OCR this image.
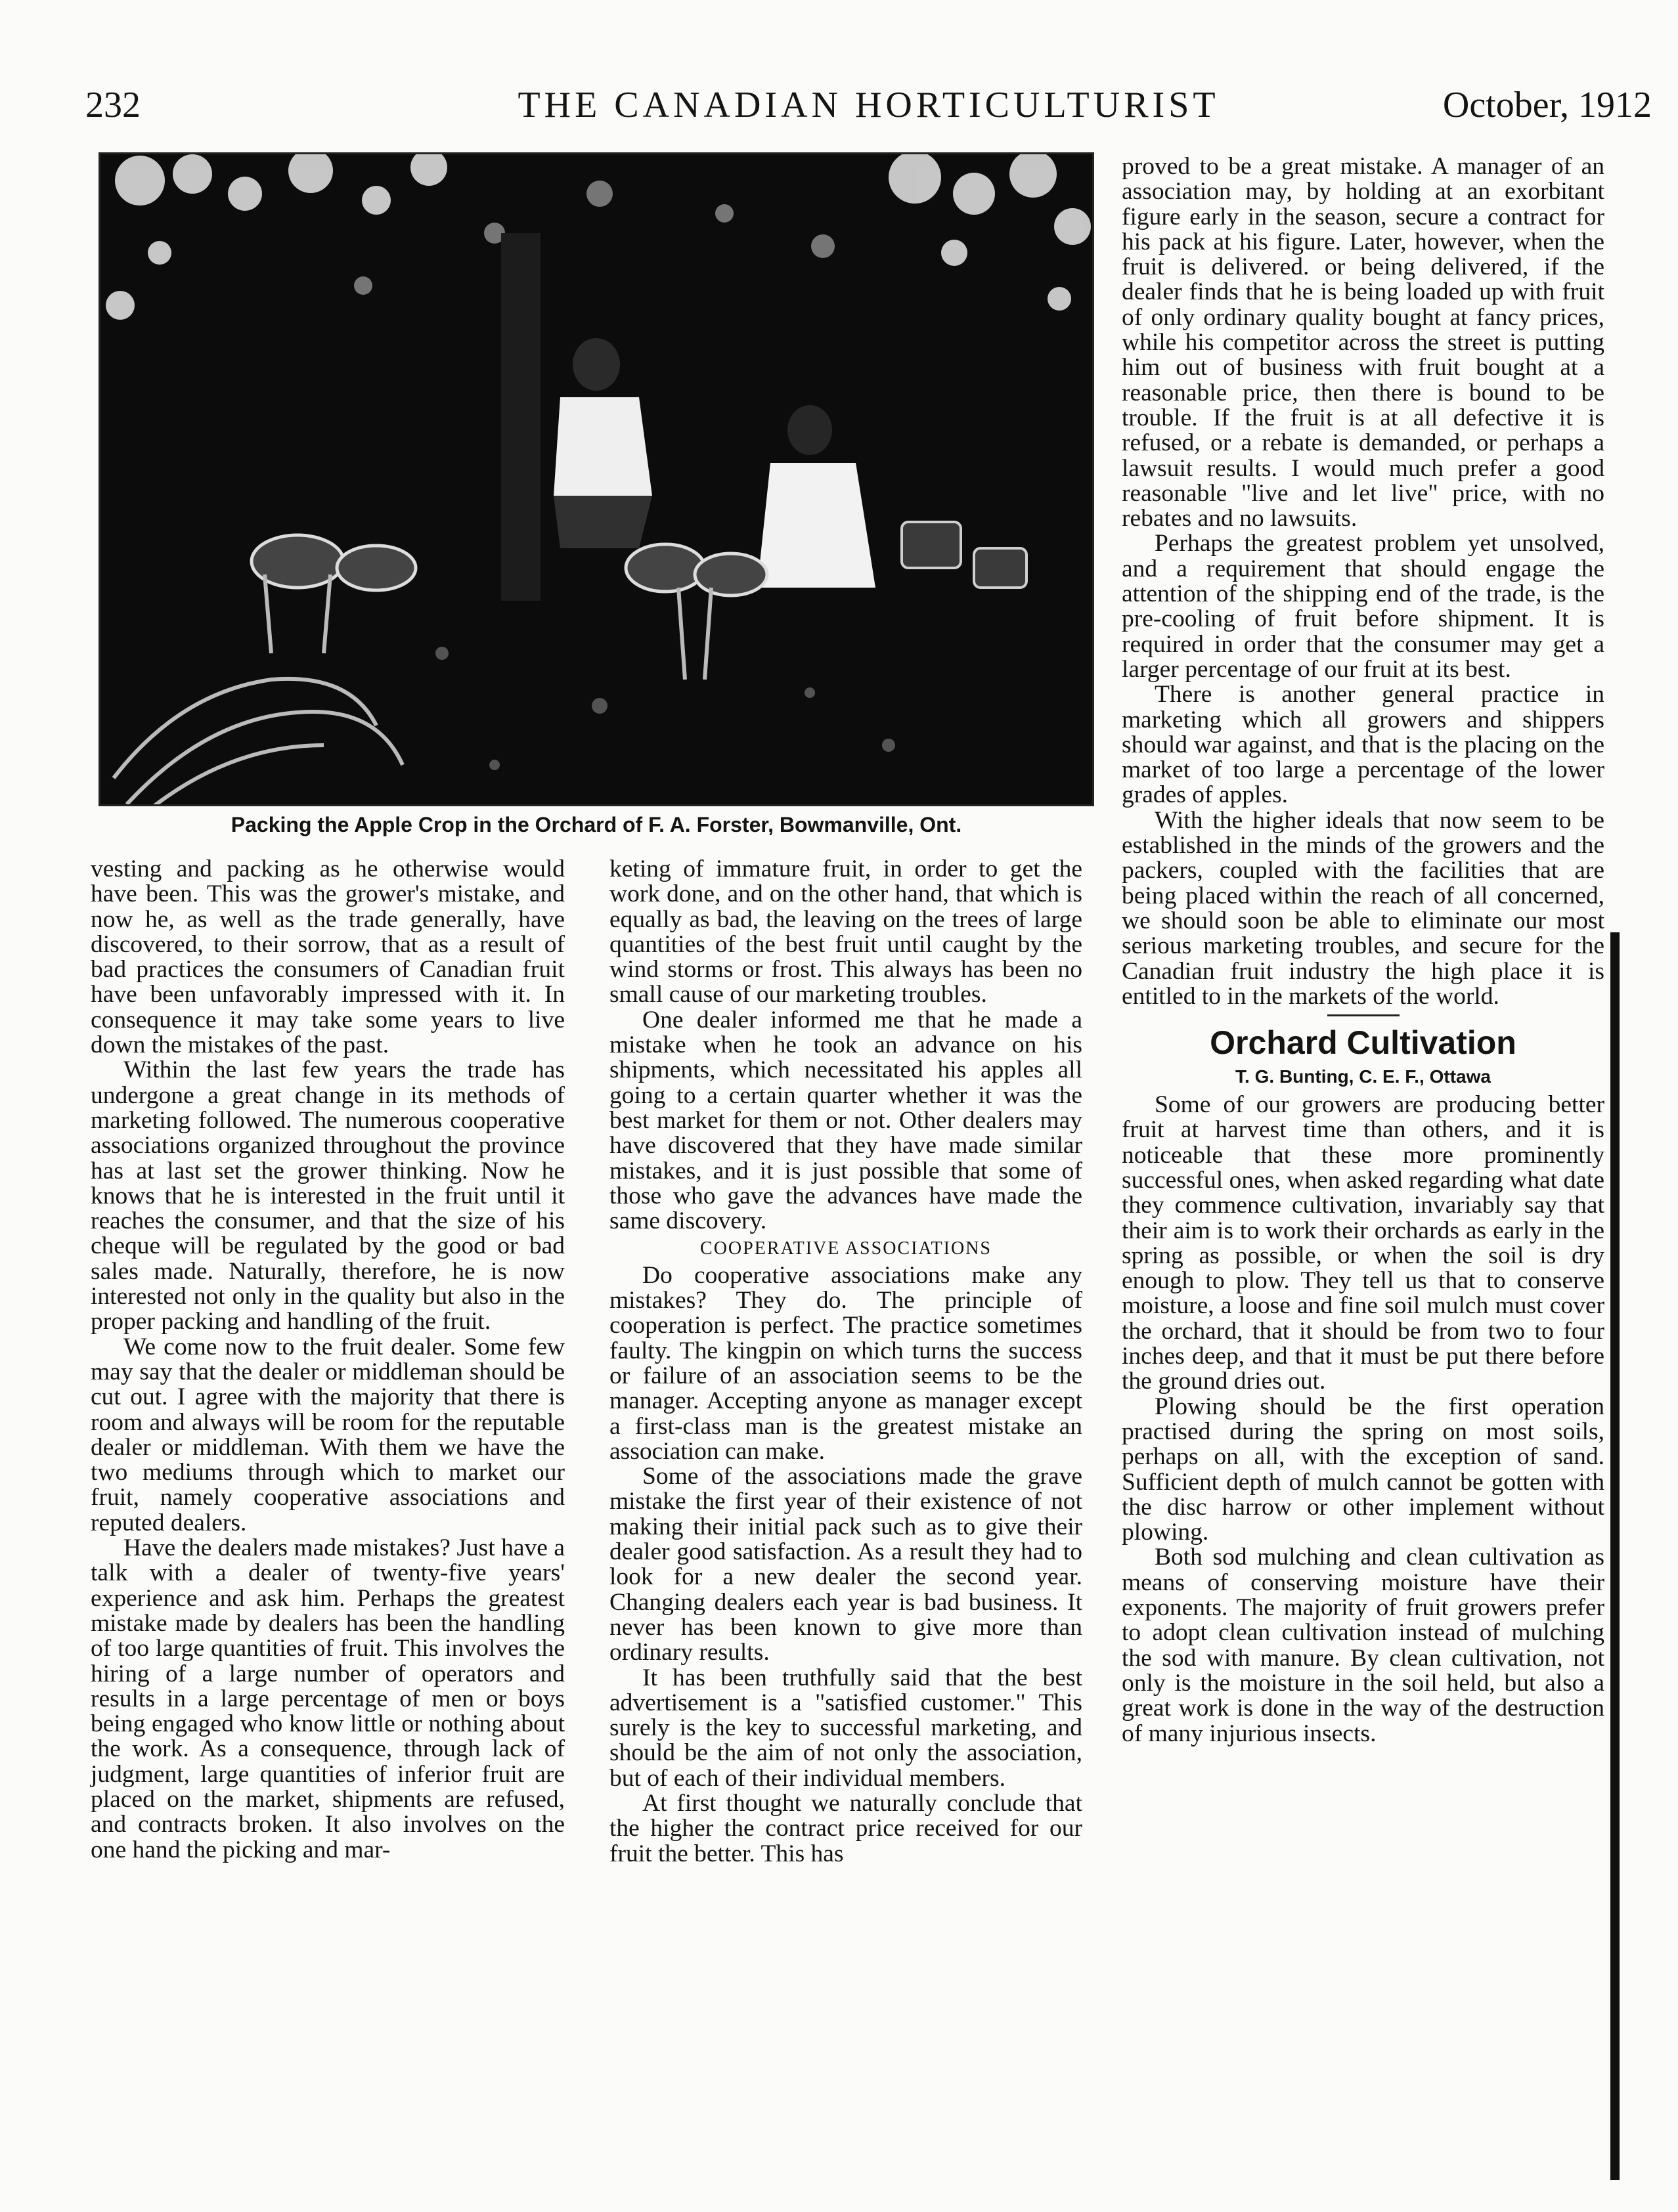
232	THE CANADIAN HORTICULTURIST	October, 1912
Packing the Apple Crop in the Orchard of F. A. Forster, Bowmanville, Ont.

vesting and packing as he otherwise would have been. This was the grower's mistake, and now he, as well as the trade generally, have discovered, to their sorrow, that as a result of bad practices the consumers of Canadian fruit have been unfavorably impressed with it. In consequence it may take some years to live down the mistakes of the past.

Within the last few years the trade has undergone a great change in its methods of marketing followed. The numerous cooperative associations organized throughout the province has at last set the grower thinking. Now he knows that he is interested in the fruit until it reaches the consumer, and that the size of his cheque will be regulated by the good or bad sales made. Naturally, therefore, he is now interested not only in the quality but also in the proper packing and handling of the fruit.

We come now to the fruit dealer. Some few may say that the dealer or middleman should be cut out. I agree with the majority that there is room and always will be room for the reputable dealer or middleman. With them we have the two mediums through which to market our fruit, namely cooperative associations and reputed dealers.

Have the dealers made mistakes? Just have a talk with a dealer of twenty-five years' experience and ask him. Perhaps the greatest mistake made by dealers has been the handling of too large quantities of fruit. This involves the hiring of a large number of operators and results in a large percentage of men or boys being engaged who know little or nothing about the work. As a consequence, through lack of judgment, large quantities of inferior fruit are placed on the market, shipments are refused, and contracts broken. It also involves on the one hand the picking and mar-

keting of immature fruit, in order to get the work done, and on the other hand, that which is equally as bad, the leaving on the trees of large quantities of the best fruit until caught by the wind storms or frost. This always has been no small cause of our marketing troubles.

One dealer informed me that he made a mistake when he took an advance on his shipments, which necessitated his apples all going to a certain quarter whether it was the best market for them or not. Other dealers may have discovered that they have made similar mistakes, and it is just possible that some of those who gave the advances have made the same discovery.

COOPERATIVE ASSOCIATIONS

Do cooperative associations make any mistakes? They do. The principle of cooperation is perfect. The practice sometimes faulty. The kingpin on which turns the success or failure of an association seems to be the manager. Accepting anyone as manager except a first-class man is the greatest mistake an association can make.

Some of the associations made the grave mistake the first year of their existence of not making their initial pack such as to give their dealer good satisfaction. As a result they had to look for a new dealer the second year. Changing dealers each year is bad business. It never has been known to give more than ordinary results.

It has been truthfully said that the best advertisement is a "satisfied customer." This surely is the key to successful marketing, and should be the aim of not only the association, but of each of their individual members.

At first thought we naturally conclude that the higher the contract price received for our fruit the better. This has

proved to be a great mistake. A manager of an association may, by holding at an exorbitant figure early in the season, secure a contract for his pack at his figure. Later, however, when the fruit is delivered. or being delivered, if the dealer finds that he is being loaded up with fruit of only ordinary quality bought at fancy prices, while his competitor across the street is putting him out of business with fruit bought at a reasonable price, then there is bound to be trouble. If the fruit is at all defective it is refused, or a rebate is demanded, or perhaps a lawsuit results. I would much prefer a good reasonable "live and let live" price, with no rebates and no lawsuits.

Perhaps the greatest problem yet unsolved, and a requirement that should engage the attention of the shipping end of the trade, is the pre-cooling of fruit before shipment. It is required in order that the consumer may get a larger percentage of our fruit at its best.

There is another general practice in marketing which all growers and shippers should war against, and that is the placing on the market of too large a percentage of the lower grades of apples.

With the higher ideals that now seem to be established in the minds of the growers and the packers, coupled with the facilities that are being placed within the reach of all concerned, we should soon be able to eliminate our most serious marketing troubles, and secure for the Canadian fruit industry the high place it is entitled to in the markets of the world.

Orchard Cultivation
T. G. Bunting, C. E. F., Ottawa

Some of our growers are producing better fruit at harvest time than others, and it is noticeable that these more prominently successful ones, when asked regarding what date they commence cultivation, invariably say that their aim is to work their orchards as early in the spring as possible, or when the soil is dry enough to plow. They tell us that to conserve moisture, a loose and fine soil mulch must cover the orchard, that it should be from two to four inches deep, and that it must be put there before the ground dries out.

Plowing should be the first operation practised during the spring on most soils, perhaps on all, with the exception of sand. Sufficient depth of mulch cannot be gotten with the disc harrow or other implement without plowing.

Both sod mulching and clean cultivation as means of conserving moisture have their exponents. The majority of fruit growers prefer to adopt clean cultivation instead of mulching the sod with manure. By clean cultivation, not only is the moisture in the soil held, but also a great work is done in the way of the destruction of many injurious insects.
